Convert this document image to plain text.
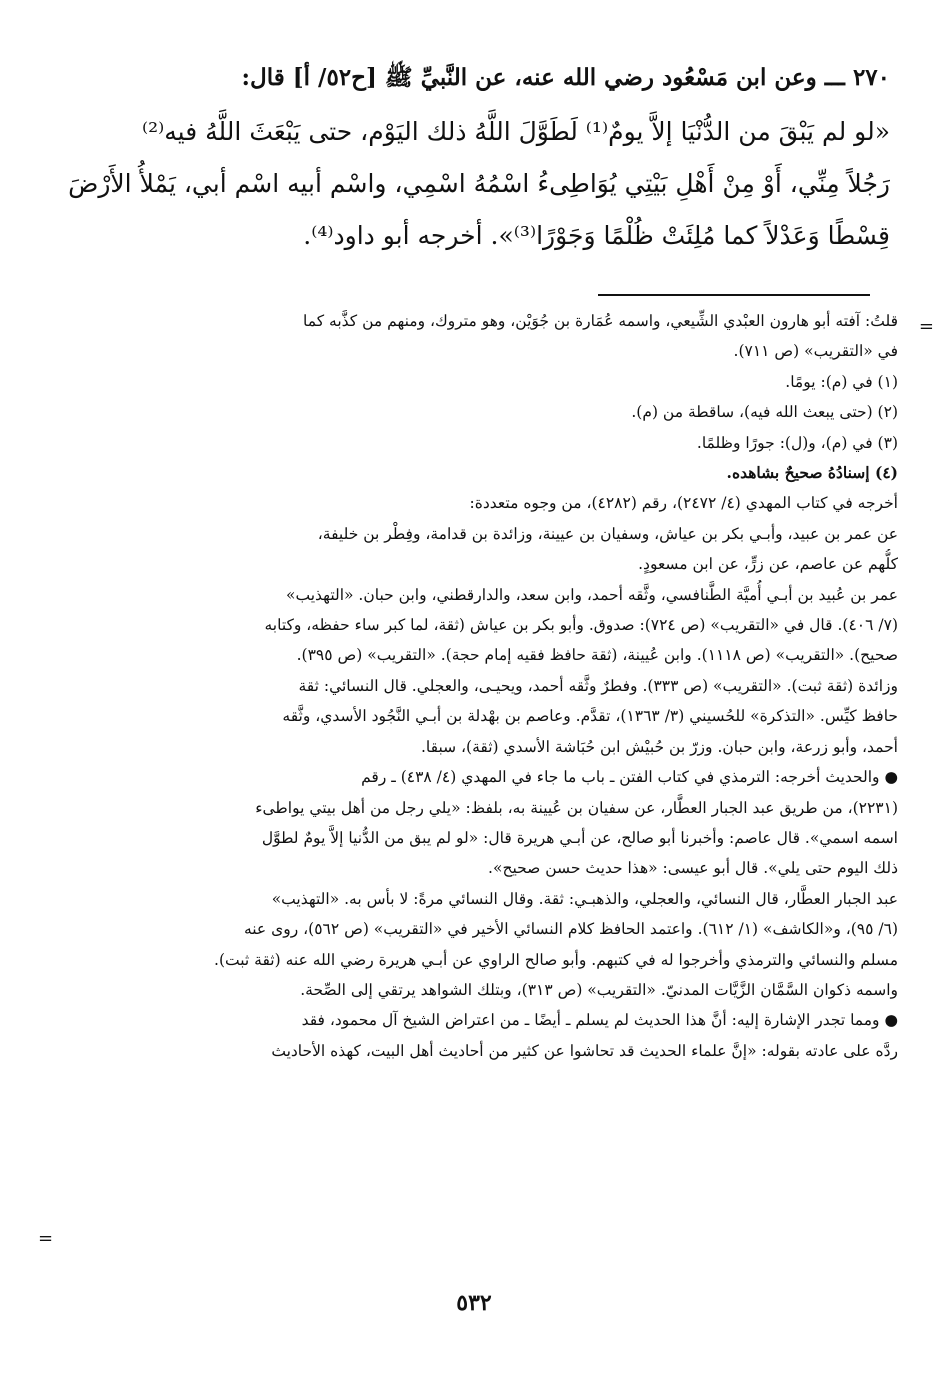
٢٧٠ ـــ وعن ابن مَسْعُود رضي الله عنه، عن النَّبيِّ ﷺ [ح٥٢/ أ] قال:
«لو لم يَبْقَ من الدُّنْيَا إلاَّ يومٌ⁽¹⁾ لَطَوَّلَ اللَّهُ ذلك اليَوْم، حتى يَبْعَثَ اللَّهُ فيه⁽²⁾
رَجُلاً مِنِّي، أَوْ مِنْ أَهْلِ بَيْتِي يُوَاطِىءُ اسْمُهُ اسْمِي، واسْم أبيه اسْم أبي، يَمْلأُ الأَرْضَ
قِسْطًا وَعَدْلاً كما مُلِئَتْ ظُلْمًا وَجَوْرًا⁽³⁾». أخرجه أبو داود⁽⁴⁾.
=
قلتُ: آفته أبو هارون العبْدي الشِّيعي، واسمه عُمَارة بن جُوَيْن، وهو متروك، ومنهم من كذَّبه كما
في «التقريب» (ص ٧١١).
(١) في (م): يومًا.
(٢) (حتى يبعث الله فيه)، ساقطة من (م).
(٣) في (م)، و(ل): جورًا وظلمًا.
(٤) إسنادُهُ صحيحٌ بشاهده.
أخرجه في كتاب المهدي (٤/ ٢٤٧٢)، رقم (٤٢٨٢)، من وجوه متعددة:
عن عمر بن عبيد، وأبـي بكر بن عياش، وسفيان بن عيينة، وزائدة بن قدامة، وفِطْر بن خليفة،
كلُّهم عن عاصم، عن زرٍّ، عن ابن مسعودٍ.
عمر بن عُبيد بن أبـي أُميَّة الطَّنافسي، وثَّقه أحمد، وابن سعد، والدارقطني، وابن حبان. «التهذيب»
(٧/ ٤٠٦). قال في «التقريب» (ص ٧٢٤): صدوق. وأبو بكر بن عياش (ثقة، لما كبر ساء حفظه، وكتابه
صحيح). «التقريب» (ص ١١١٨). وابن عُيينة، (ثقة حافظ فقيه إمام حجة). «التقريب» (ص ٣٩٥).
وزائدة (ثقة ثبت). «التقريب» (ص ٣٣٣). وفطرٌ وثَّقه أحمد، ويحيـى، والعجلي. قال النسائي: ثقة
حافظ كيِّس. «التذكرة» للحُسيني (٣/ ١٣٦٣)، تقدَّم. وعاصم بن بهْدلة بن أبـي النَّجُود الأسدي، وثَّقه
أحمد، وأبو زرعة، وابن حبان. وزرّ بن حُبيْش ابن حُبَاشة الأسدي (ثقة)، سبقا.
● والحديث أخرجه: الترمذي في كتاب الفتن ـ باب ما جاء في المهدي (٤/ ٤٣٨) ـ رقم
(٢٢٣١)، من طريق عبد الجبار العطَّار، عن سفيان بن عُيينة به، بلفظ: «يلي رجل من أهل بيتي يواطىء
اسمه اسمي». قال عاصم: وأخبرنا أبو صالح، عن أبـي هريرة قال: «لو لم يبق من الدُّنيا إلاَّ يومٌ لطوَّل
ذلك اليوم حتى يلي». قال أبو عيسى: «هذا حديث حسن صحيح».
عبد الجبار العطَّار، قال النسائي، والعجلي، والذهبـي: ثقة. وقال النسائي مرةً: لا بأس به. «التهذيب»
(٦/ ٩٥)، و«الكاشف» (١/ ٦١٢). واعتمد الحافظ كلام النسائي الأخير في «التقريب» (ص ٥٦٢)، روى عنه
مسلم والنسائي والترمذي وأخرجوا له في كتبهم. وأبو صالح الراوي عن أبـي هريرة رضي الله عنه (ثقة ثبت).
واسمه ذكوان السَّمَّان الزَّيَّات المدنيّ. «التقريب» (ص ٣١٣)، وبتلك الشواهد يرتقي إلى الصِّحة.
● ومما تجدر الإشارة إليه: أنَّ هذا الحديث لم يسلم ـ أيضًا ـ من اعتراض الشيخ آل محمود، فقد
ردَّه على عادته بقوله: «إنَّ علماء الحديث قد تحاشوا عن كثير من أحاديث أهل البيت، كهذه الأحاديث
=
٥٣٢
